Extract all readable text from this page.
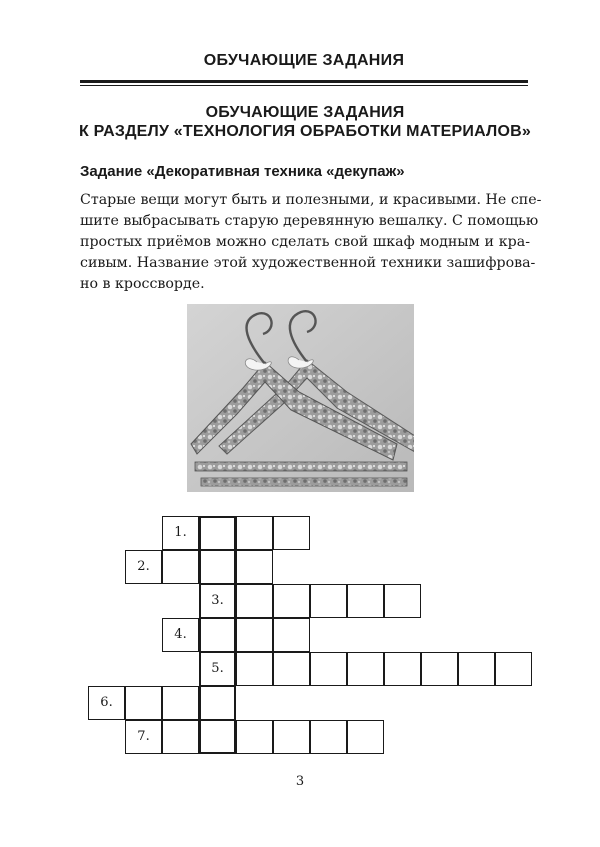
ОБУЧАЮЩИЕ ЗАДАНИЯ
ОБУЧАЮЩИЕ ЗАДАНИЯ
К РАЗДЕЛУ «ТЕХНОЛОГИЯ ОБРАБОТКИ МАТЕРИАЛОВ»
Задание «Декоративная техника «декупаж»
Старые вещи могут быть и полезными, и красивыми. Не спе-
шите выбрасывать старую деревянную вешалку. С помощью
простых приёмов можно сделать свой шкаф модным и кра-
сивым. Название этой художественной техники зашифрова-
но в кроссворде.
1.
2.
3.
4.
5.
6.
7.
3
